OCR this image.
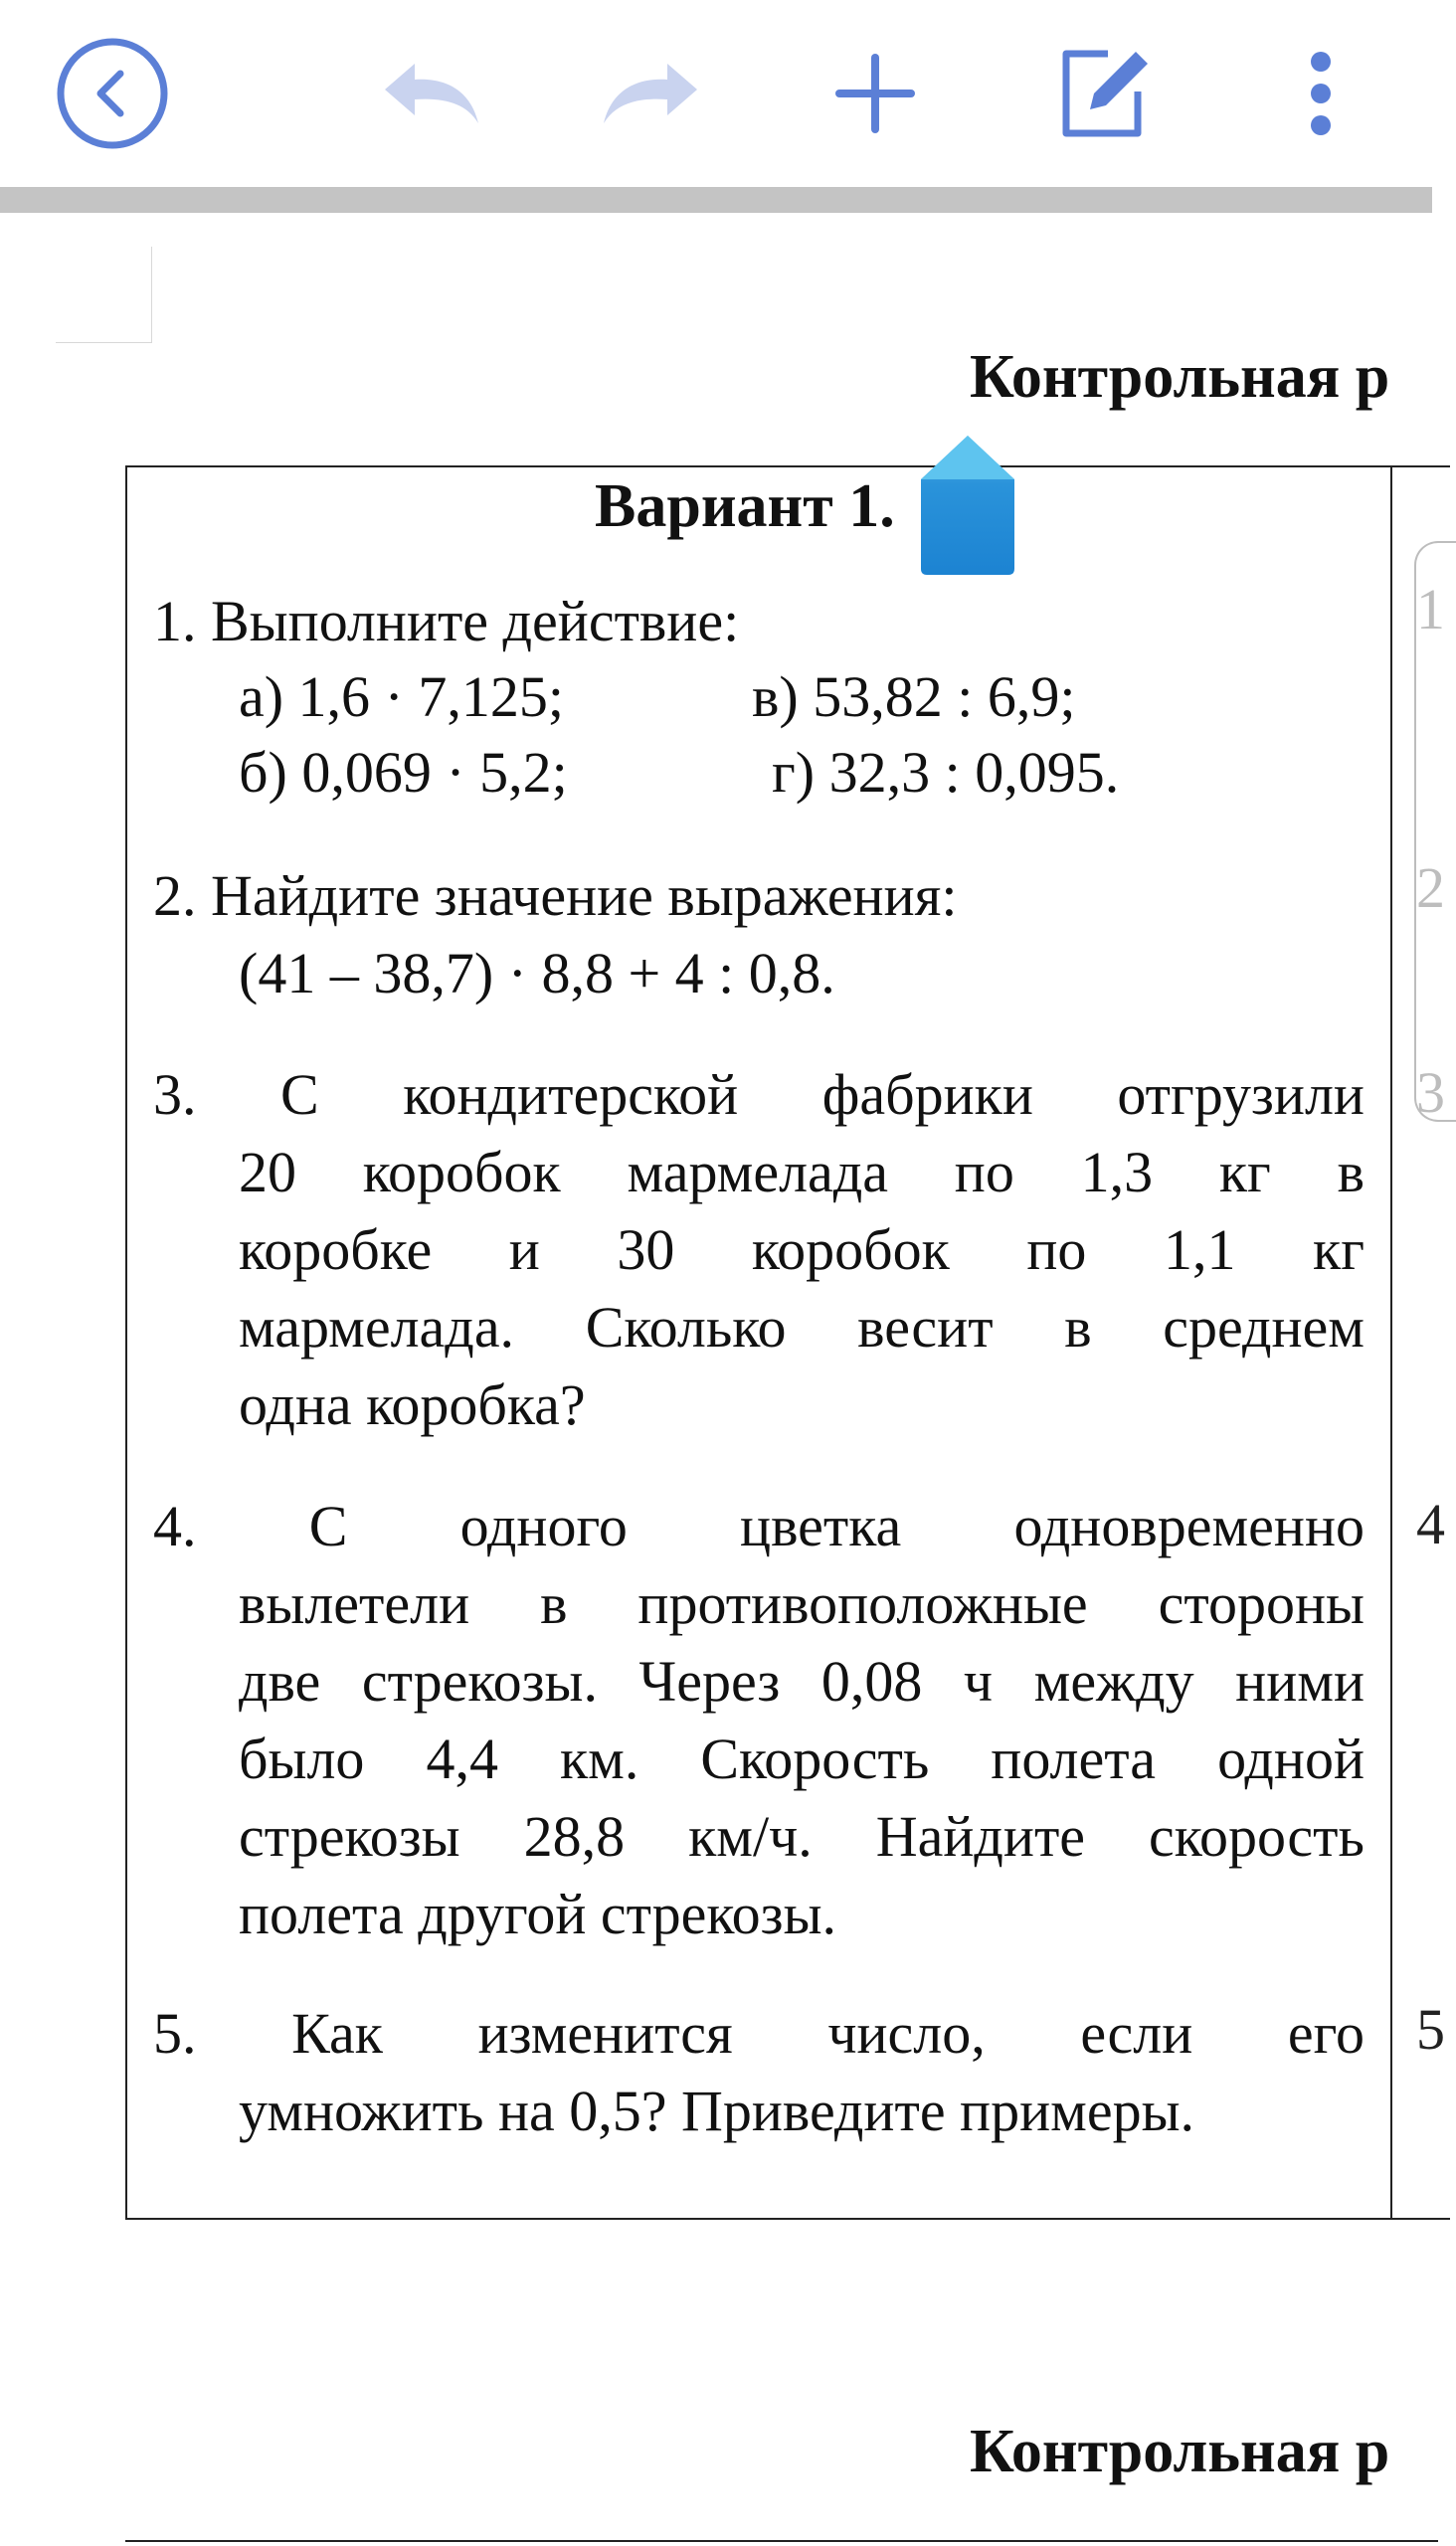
Контрольная р
1
2
3
4
5
Вариант 1.
1. Выполните действие:
а) 1,6 · 7,125;	в) 53,82 : 6,9;
б) 0,069 · 5,2;	г) 32,3 : 0,095.
2. Найдите значение выражения:
(41 – 38,7) · 8,8 + 4 : 0,8.
3. С кондитерской фабрики отгрузили
20 коробок мармелада по 1,3 кг в
коробке и 30 коробок по 1,1 кг
мармелада. Сколько весит в среднем
одна коробка?
4. С одного цветка одновременно
вылетели в противоположные стороны
две стрекозы. Через 0,08 ч между ними
было 4,4 км. Скорость полета одной
стрекозы 28,8 км/ч. Найдите скорость
полета другой стрекозы.
5. Как изменится число, если его
умножить на 0,5? Приведите примеры.
Контрольная р
